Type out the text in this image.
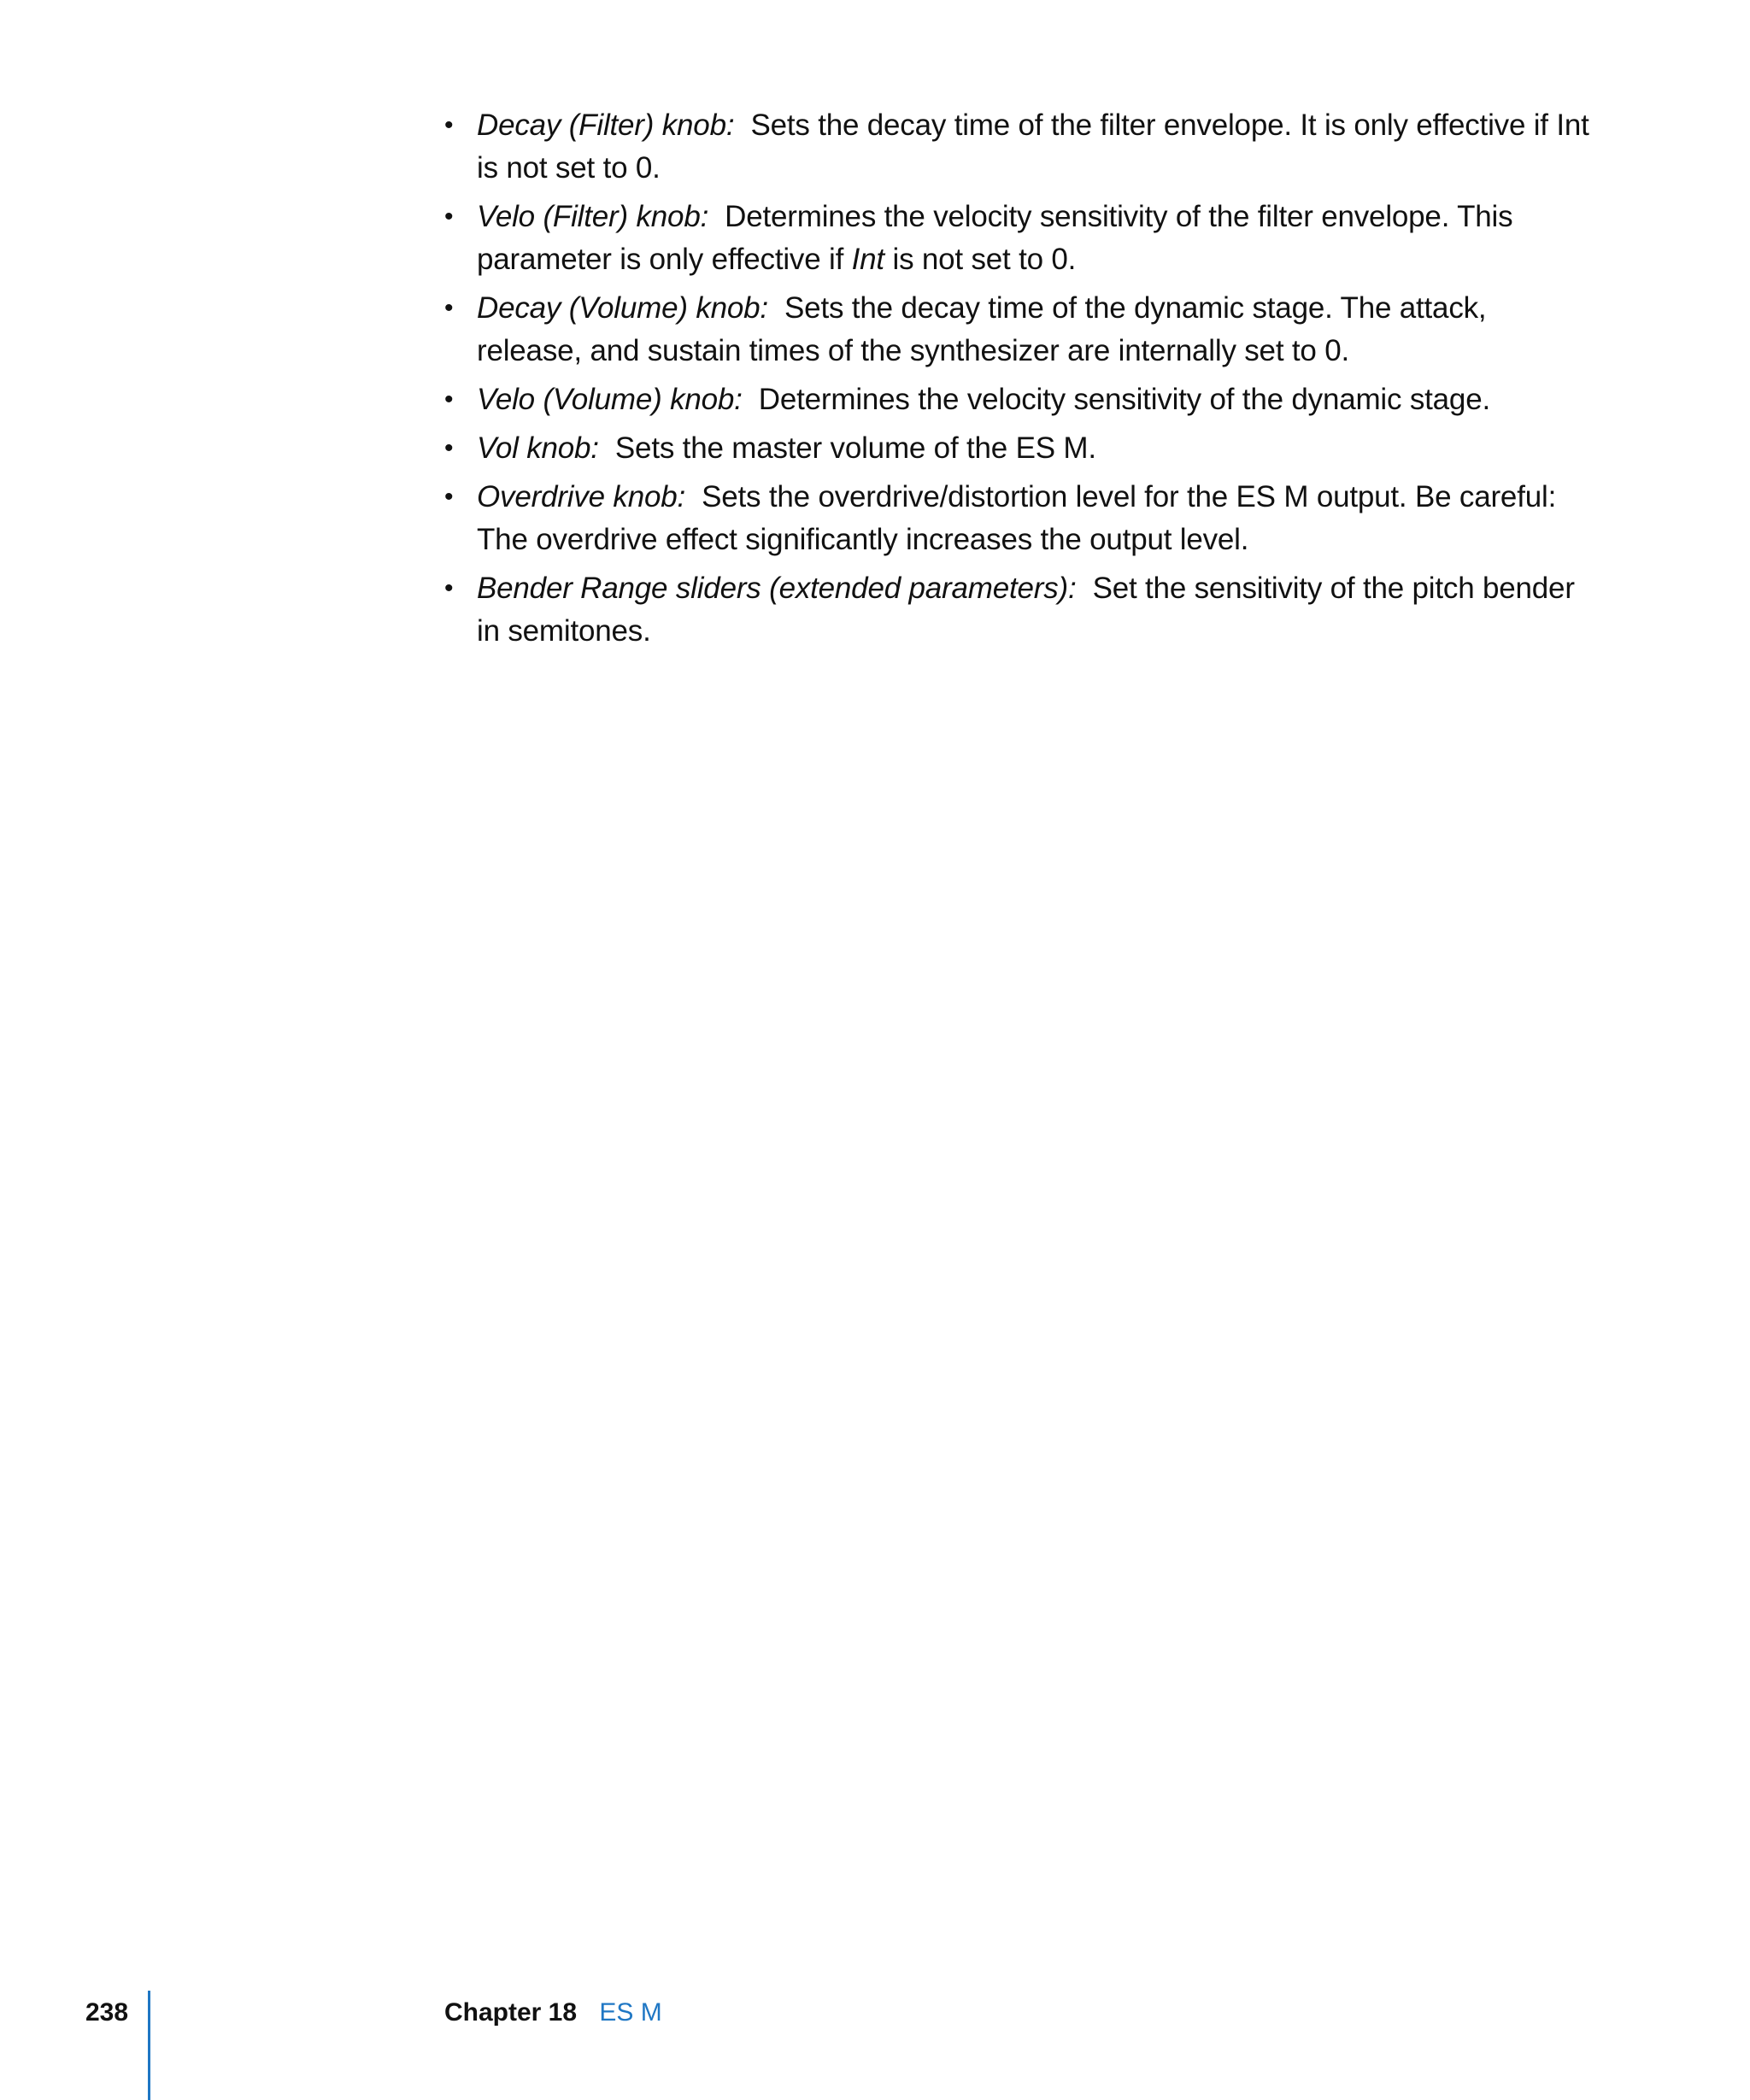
• Decay (Filter) knob: Sets the decay time of the filter envelope. It is only effective if Int is not set to 0.
• Velo (Filter) knob: Determines the velocity sensitivity of the filter envelope. This parameter is only effective if Int is not set to 0.
• Decay (Volume) knob: Sets the decay time of the dynamic stage. The attack, release, and sustain times of the synthesizer are internally set to 0.
• Velo (Volume) knob: Determines the velocity sensitivity of the dynamic stage.
• Vol knob: Sets the master volume of the ES M.
• Overdrive knob: Sets the overdrive/distortion level for the ES M output. Be careful: The overdrive effect significantly increases the output level.
• Bender Range sliders (extended parameters): Set the sensitivity of the pitch bender in semitones.
238	Chapter 18 ES M
